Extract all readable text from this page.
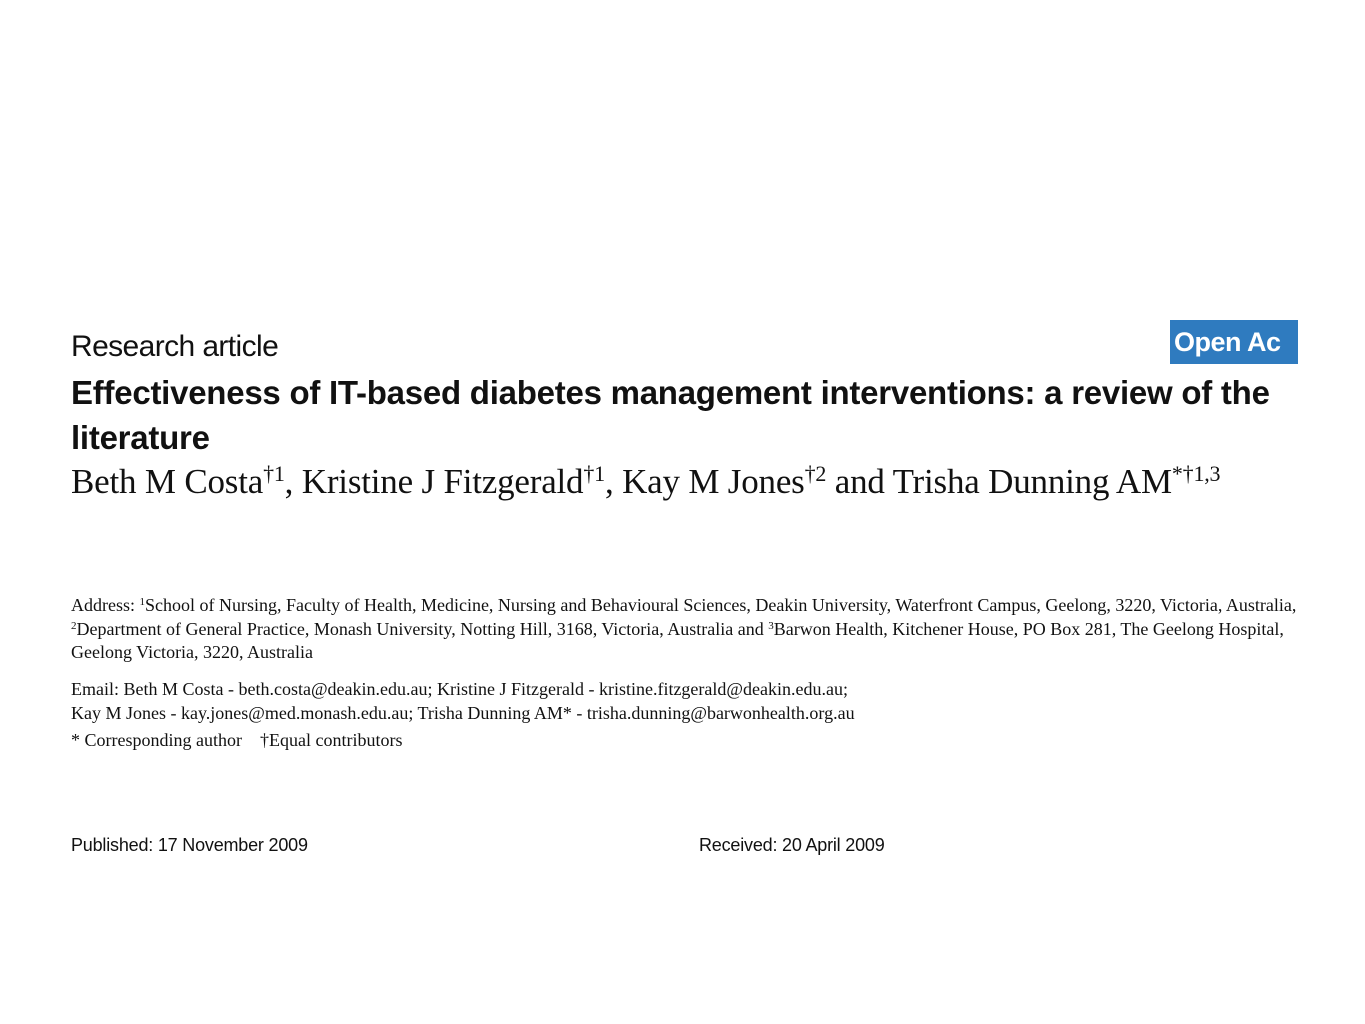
Research article	Open Ac
Effectiveness of IT-based diabetes management interventions: a review of the literature
Beth M Costa$^{\dagger 1}$, Kristine J Fitzgerald$^{\dagger 1}$, Kay M Jones$^{\dagger 2}$ and Trisha Dunning AM$^{*\dagger 1,3}$
Address: $^1$School of Nursing, Faculty of Health, Medicine, Nursing and Behavioural Sciences, Deakin University, Waterfront Campus, Geelong, 3220, Victoria, Australia, $^2$Department of General Practice, Monash University, Notting Hill, 3168, Victoria, Australia and $^3$Barwon Health, Kitchener House, PO Box 281, The Geelong Hospital, Geelong Victoria, 3220, Australia
Email: Beth M Costa - beth.costa@deakin.edu.au; Kristine J Fitzgerald - kristine.fitzgerald@deakin.edu.au;
Kay M Jones - kay.jones@med.monash.edu.au; Trisha Dunning AM* - trisha.dunning@barwonhealth.org.au
* Corresponding author †Equal contributors
Published: 17 November 2009	Received: 20 April 2009
